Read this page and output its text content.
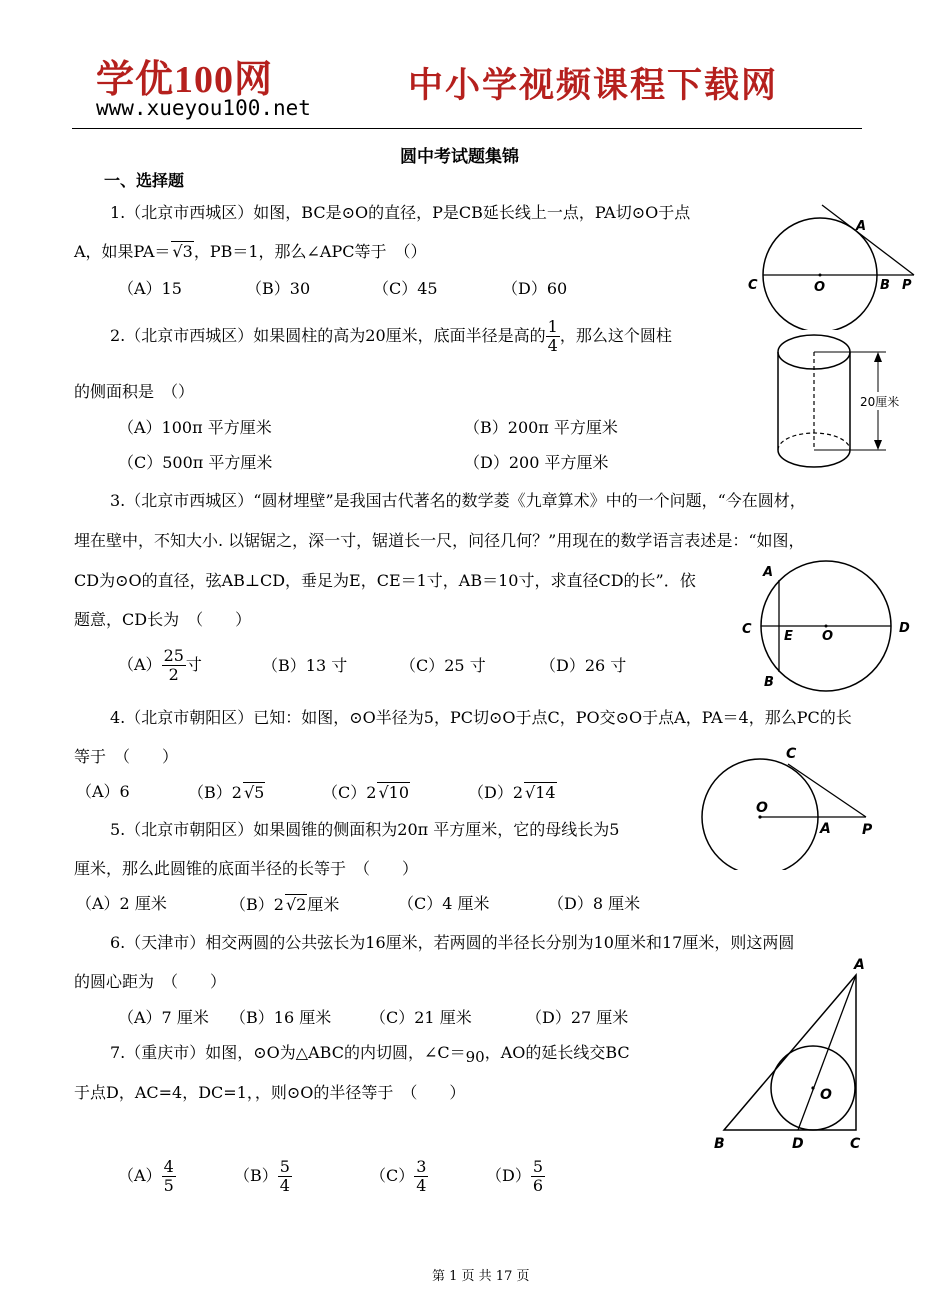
学优100网
www.xueyou100.net
中小学视频课程下载网
圆中考试题集锦
一、选择题
1.（北京市西城区）如图，BC是⊙O的直径，P是CB延长线上一点，PA切⊙O于点
A，如果PA＝ √3，PB＝1，那么∠APC等于　（）
（A）15	（B）30	（C）45	（D）60
A
C	O	B P
2.（北京市西城区）如果圆柱的高为20厘米，底面半径是高的 $\frac{1}{4}$ ，那么这个圆柱
的侧面积是　（）
（A）100π 平方厘米	（B）200π 平方厘米
（C）500π 平方厘米	（D）200 平方厘米
20厘米
3.（北京市西城区）“圆材埋壁”是我国古代著名的数学菱《九章算术》中的一个问题，“今在圆材，
埋在壁中，不知大小. 以锯锯之，深一寸，锯道长一尺，问径几何？”用现在的数学语言表述是：“如图，
CD为⊙O的直径，弦AB⊥CD，垂足为E，CE＝1寸，AB＝10寸，求直径CD的长”．依
题意，CD长为　（　　）
$(A) \frac{25}{2}$ 寸	（B）13 寸	（C）25 寸	（D）26 寸
A
C E O
D
B
4.（北京市朝阳区）已知：如图，⊙O半径为5，PC切⊙O于点C，PO交⊙O于点A，PA＝4，那么PC的长
等于　（　　）
（A）6	（B）2 √5	（C）2 √10	（D）2 √14
C
O
A P
5.（北京市朝阳区）如果圆锥的侧面积为20π 平方厘米，它的母线长为5
厘米，那么此圆锥的底面半径的长等于　（　　）
（A）2 厘米	（B）2 √2厘米	（C）4 厘米	（D）8 厘米
6.（天津市）相交两圆的公共弦长为16厘米，若两圆的半径长分别为10厘米和17厘米，则这两圆
的圆心距为　（　　）
（A）7 厘米 （B）16 厘米 （C）21 厘米	（D）27 厘米
7.（重庆市）如图，⊙O为△ABC的内切圆，∠C＝90，AO的延长线交BC
于点D，AC=4，DC=1，，则⊙O的半径等于　（　　）
$(A) \frac{4}{5}$	$(B) \frac{5}{4}$	$(C) \frac{3}{4}$	$(D) \frac{5}{6}$
A
O
B	D	C
第 1 页 共 17 页
